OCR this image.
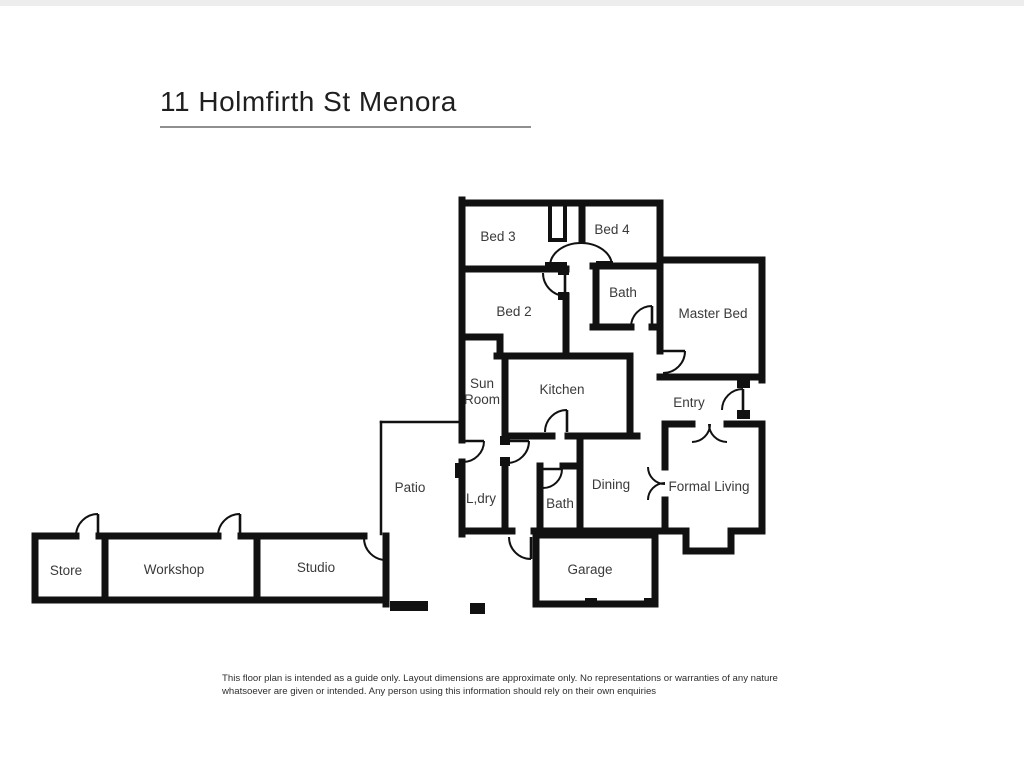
11 Holmfirth St Menora
Bed 3	Bed 4
Bath
Master Bed
Bed 2
Sun
Room
Kitchen
Entry
Patio
L,dry	Bath
Dining	Formal Living
Store	Workshop	Studio	Garage
This floor plan is intended as a guide only. Layout dimensions are approximate only. No representations or warranties of any nature
whatsoever are given or intended. Any person using this information should rely on their own enquiries
